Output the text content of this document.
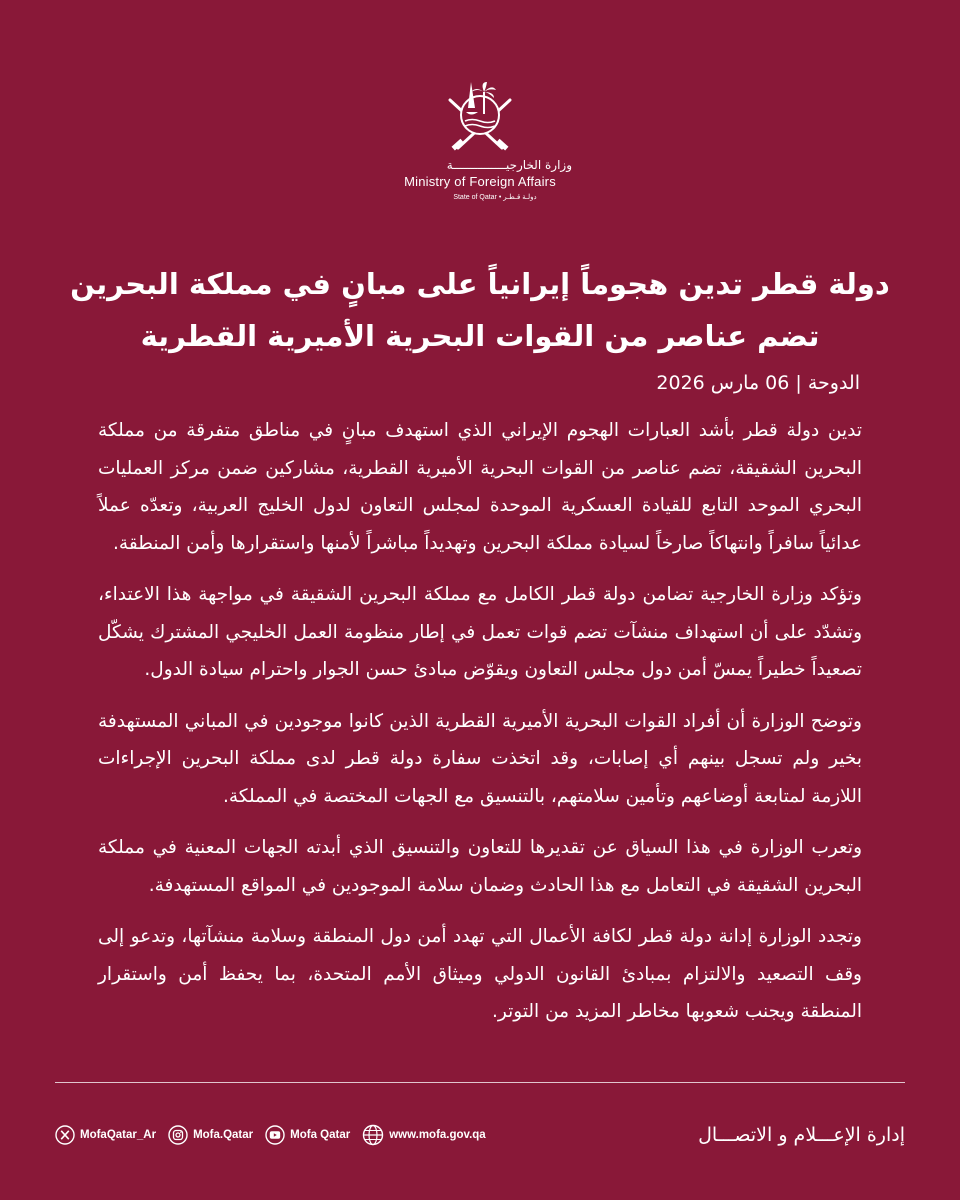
وزارة الخارجيـــــــــــــــة
Ministry of Foreign Affairs
State of Qatar • دولـة قـطـر
دولة قطر تدين هجوماً إيرانياً على مبانٍ في مملكة البحرين تضم عناصر من القوات البحرية الأميرية القطرية
الدوحة | 06 مارس 2026

تدين دولة قطر بأشد العبارات الهجوم الإيراني الذي استهدف مبانٍ في مناطق متفرقة من مملكة البحرين الشقيقة، تضم عناصر من القوات البحرية الأميرية القطرية، مشاركين ضمن مركز العمليات البحري الموحد التابع للقيادة العسكرية الموحدة لمجلس التعاون لدول الخليج العربية، وتعدّه عملاً عدائياً سافراً وانتهاكاً صارخاً لسيادة مملكة البحرين وتهديداً مباشراً لأمنها واستقرارها وأمن المنطقة.

وتؤكد وزارة الخارجية تضامن دولة قطر الكامل مع مملكة البحرين الشقيقة في مواجهة هذا الاعتداء، وتشدّد على أن استهداف منشآت تضم قوات تعمل في إطار منظومة العمل الخليجي المشترك يشكّل تصعيداً خطيراً يمسّ أمن دول مجلس التعاون ويقوّض مبادئ حسن الجوار واحترام سيادة الدول.

وتوضح الوزارة أن أفراد القوات البحرية الأميرية القطرية الذين كانوا موجودين في المباني المستهدفة بخير ولم تسجل بينهم أي إصابات، وقد اتخذت سفارة دولة قطر لدى مملكة البحرين الإجراءات اللازمة لمتابعة أوضاعهم وتأمين سلامتهم، بالتنسيق مع الجهات المختصة في المملكة.

وتعرب الوزارة في هذا السياق عن تقديرها للتعاون والتنسيق الذي أبدته الجهات المعنية في مملكة البحرين الشقيقة في التعامل مع هذا الحادث وضمان سلامة الموجودين في المواقع المستهدفة.

وتجدد الوزارة إدانة دولة قطر لكافة الأعمال التي تهدد أمن دول المنطقة وسلامة منشآتها، وتدعو إلى وقف التصعيد والالتزام بمبادئ القانون الدولي وميثاق الأمم المتحدة، بما يحفظ أمن واستقرار المنطقة ويجنب شعوبها مخاطر المزيد من التوتر.

MofaQatar_Ar	Mofa.Qatar	Mofa Qatar	www.mofa.gov.qa	إدارة الإعـــلام و الاتصـــال
